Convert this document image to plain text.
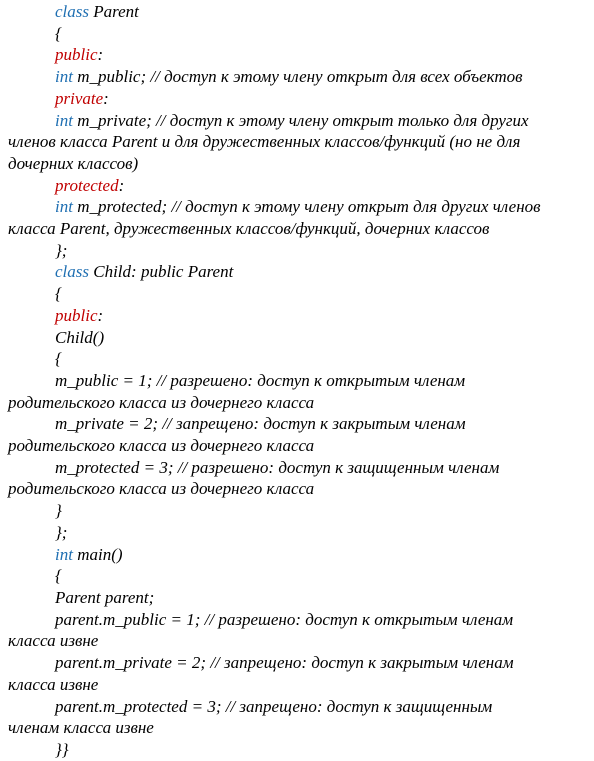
class Parent
{
public:
int m_public; // доступ к этому члену открыт для всех объектов
private:
int m_private; // доступ к этому члену открыт только для других
членов класса Parent и для дружественных классов/функций (но не для
дочерних классов)
protected:
int m_protected; // доступ к этому члену открыт для других членов
класса Parent, дружественных классов/функций, дочерних классов
};
class Child: public Parent
{
public:
Child()
{
m_public = 1; // разрешено: доступ к открытым членам
родительского класса из дочернего класса
m_private = 2; // запрещено: доступ к закрытым членам
родительского класса из дочернего класса
m_protected = 3; // разрешено: доступ к защищенным членам
родительского класса из дочернего класса
}
};
int main()
{
Parent parent;
parent.m_public = 1; // разрешено: доступ к открытым членам
класса извне
parent.m_private = 2; // запрещено: доступ к закрытым членам
класса извне
parent.m_protected = 3; // запрещено: доступ к защищенным
членам класса извне
}}
